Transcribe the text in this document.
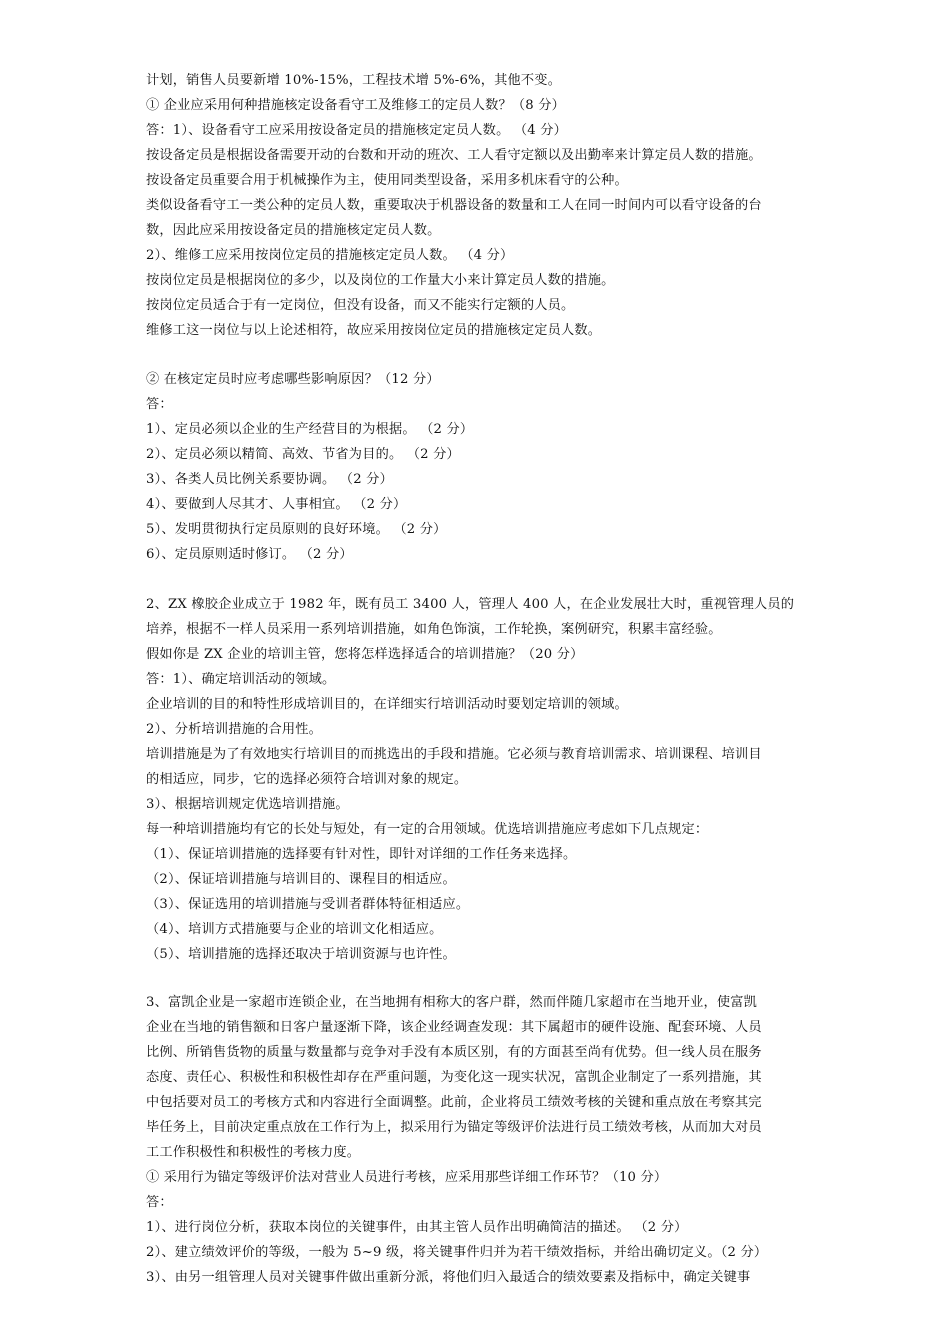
计划，销售人员要新增 10%-15%，工程技术增 5%-6%，其他不变。
① 企业应采用何种措施核定设备看守工及维修工的定员人数？（8 分）
答：1）、设备看守工应采用按设备定员的措施核定定员人数。 （4 分）
按设备定员是根据设备需要开动的台数和开动的班次、工人看守定额以及出勤率来计算定员人数的措施。
按设备定员重要合用于机械操作为主，使用同类型设备，采用多机床看守的公种。
类似设备看守工一类公种的定员人数，重要取决于机器设备的数量和工人在同一时间内可以看守设备的台
数，因此应采用按设备定员的措施核定定员人数。
2）、维修工应采用按岗位定员的措施核定定员人数。 （4 分）
按岗位定员是根据岗位的多少，以及岗位的工作量大小来计算定员人数的措施。
按岗位定员适合于有一定岗位，但没有设备，而又不能实行定额的人员。
维修工这一岗位与以上论述相符，故应采用按岗位定员的措施核定定员人数。
② 在核定定员时应考虑哪些影响原因？（12 分）
答：
1）、定员必须以企业的生产经营目的为根据。 （2 分）
2）、定员必须以精简、高效、节省为目的。 （2 分）
3）、各类人员比例关系要协调。 （2 分）
4）、要做到人尽其才、人事相宜。 （2 分）
5）、发明贯彻执行定员原则的良好环境。 （2 分）
6）、定员原则适时修订。 （2 分）
2、ZX 橡胶企业成立于 1982 年，既有员工 3400 人，管理人 400 人，在企业发展壮大时，重视管理人员的
培养，根据不一样人员采用一系列培训措施，如角色饰演，工作轮换，案例研究，积累丰富经验。
假如你是 ZX 企业的培训主管，您将怎样选择适合的培训措施？（20 分）
答：1）、确定培训活动的领域。
企业培训的目的和特性形成培训目的，在详细实行培训活动时要划定培训的领域。
2）、分析培训措施的合用性。
培训措施是为了有效地实行培训目的而挑选出的手段和措施。它必须与教育培训需求、培训课程、培训目
的相适应，同步，它的选择必须符合培训对象的规定。
3）、根据培训规定优选培训措施。
每一种培训措施均有它的长处与短处，有一定的合用领域。优选培训措施应考虑如下几点规定：
（1）、保证培训措施的选择要有针对性，即针对详细的工作任务来选择。
（2）、保证培训措施与培训目的、课程目的相适应。
（3）、保证选用的培训措施与受训者群体特征相适应。
（4）、培训方式措施要与企业的培训文化相适应。
（5）、培训措施的选择还取决于培训资源与也许性。
3、富凯企业是一家超市连锁企业，在当地拥有相称大的客户群，然而伴随几家超市在当地开业，使富凯
企业在当地的销售额和日客户量逐渐下降，该企业经调查发现：其下属超市的硬件设施、配套环境、人员
比例、所销售货物的质量与数量都与竞争对手没有本质区别，有的方面甚至尚有优势。但一线人员在服务
态度、责任心、积极性和积极性却存在严重问题，为变化这一现实状况，富凯企业制定了一系列措施，其
中包括要对员工的考核方式和内容进行全面调整。此前，企业将员工绩效考核的关键和重点放在考察其完
毕任务上，目前决定重点放在工作行为上，拟采用行为锚定等级评价法进行员工绩效考核，从而加大对员
工工作积极性和积极性的考核力度。
① 采用行为锚定等级评价法对营业人员进行考核，应采用那些详细工作环节？（10 分）
答：
1）、进行岗位分析，获取本岗位的关键事件，由其主管人员作出明确简洁的描述。 （2 分）
2）、建立绩效评价的等级，一般为 5~9 级，将关键事件归并为若干绩效指标，并给出确切定义。（2 分）
3）、由另一组管理人员对关键事件做出重新分派，将他们归入最适合的绩效要素及指标中，确定关键事
